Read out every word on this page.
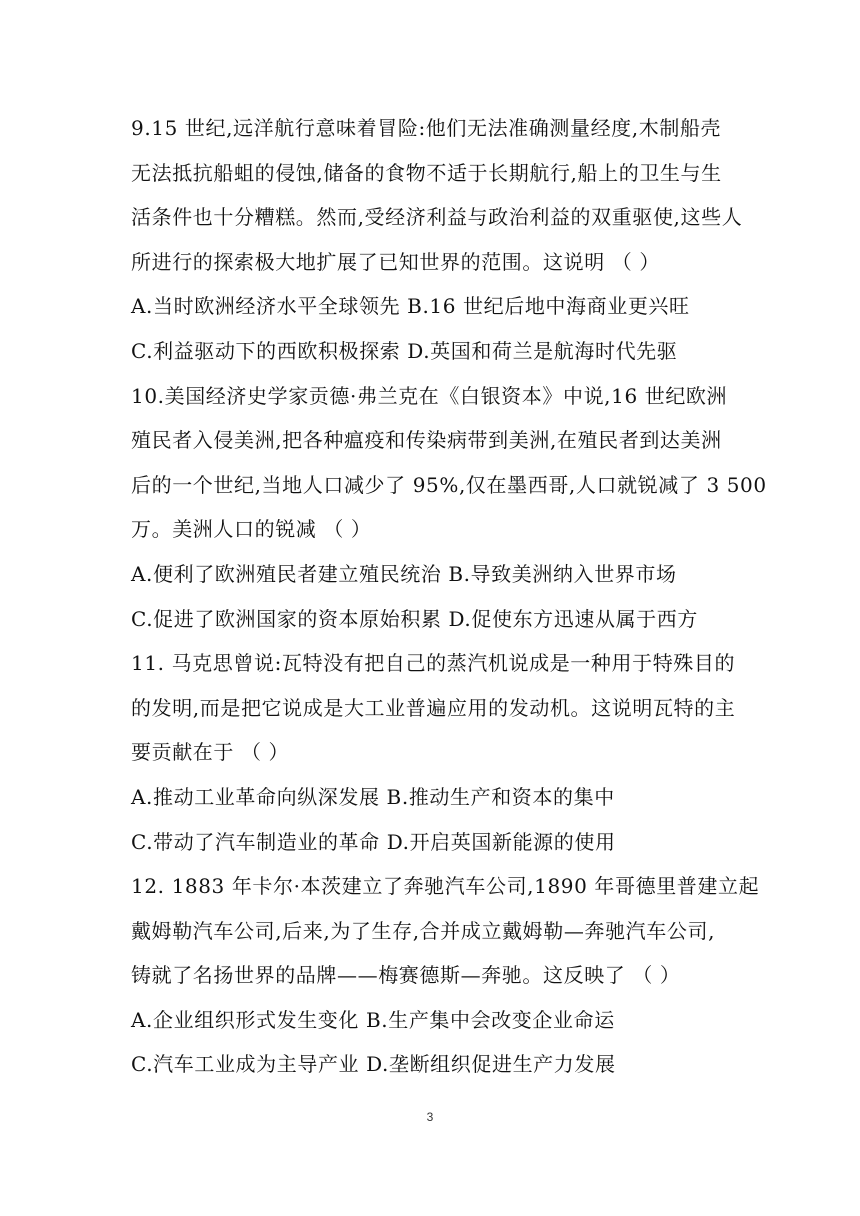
9.15 世纪,远洋航行意味着冒险:他们无法准确测量经度,木制船壳
无法抵抗船蛆的侵蚀,储备的食物不适于长期航行,船上的卫生与生
活条件也十分糟糕。然而,受经济利益与政治利益的双重驱使,这些人
所进行的探索极大地扩展了已知世界的范围。这说明 （ ）
A.当时欧洲经济水平全球领先 B.16 世纪后地中海商业更兴旺
C.利益驱动下的西欧积极探索 D.英国和荷兰是航海时代先驱
10.美国经济史学家贡德·弗兰克在《白银资本》中说,16 世纪欧洲
殖民者入侵美洲,把各种瘟疫和传染病带到美洲,在殖民者到达美洲
后的一个世纪,当地人口减少了 95%,仅在墨西哥,人口就锐减了 3 500
万。美洲人口的锐减 （ ）
A.便利了欧洲殖民者建立殖民统治 B.导致美洲纳入世界市场
C.促进了欧洲国家的资本原始积累 D.促使东方迅速从属于西方
11. 马克思曾说:瓦特没有把自己的蒸汽机说成是一种用于特殊目的
的发明,而是把它说成是大工业普遍应用的发动机。这说明瓦特的主
要贡献在于 （ ）
A.推动工业革命向纵深发展 B.推动生产和资本的集中
C.带动了汽车制造业的革命 D.开启英国新能源的使用
12. 1883 年卡尔·本茨建立了奔驰汽车公司,1890 年哥德里普建立起
戴姆勒汽车公司,后来,为了生存,合并成立戴姆勒—奔驰汽车公司,
铸就了名扬世界的品牌——梅赛德斯—奔驰。这反映了 （ ）
A.企业组织形式发生变化 B.生产集中会改变企业命运
C.汽车工业成为主导产业 D.垄断组织促进生产力发展
3
